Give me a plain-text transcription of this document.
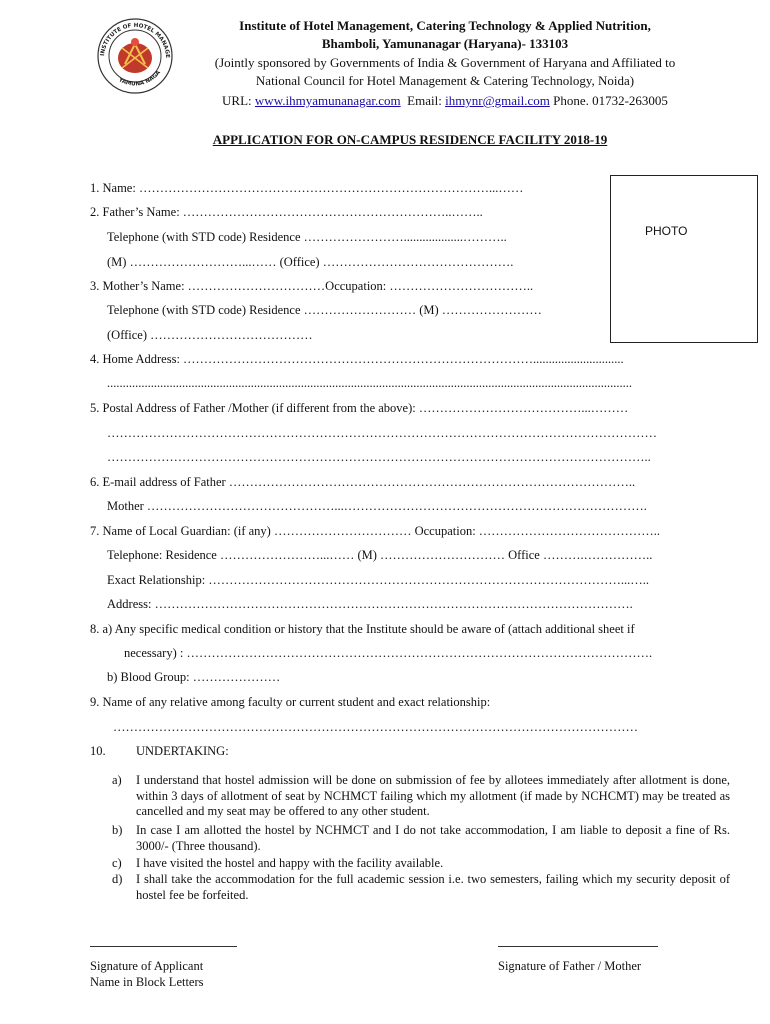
INSTITUTE OF HOTEL MANAGE
YAMUNA NAGA
Institute of Hotel Management, Catering Technology & Applied Nutrition,
Bhamboli, Yamunanagar (Haryana)- 133103
(Jointly sponsored by Governments of India & Government of Haryana and Affiliated to
National Council for Hotel Management & Catering Technology, Noida)
URL: www.ihmyamunanagar.com Email: ihmynr@gmail.com Phone. 01732-263005
APPLICATION FOR ON-CAMPUS RESIDENCE FACILITY 2018-19
PHOTO
1. Name: …………………………………………………………………………...……
2. Father’s Name: ………………………………………………………..……..
Telephone (with STD code) Residence ……………………...................………..
(M) ………………………...…… (Office) ……………………………………….
3. Mother’s Name: ……………………………Occupation: ……………………………..
Telephone (with STD code) Residence ……………………… (M) ……………………
(Office) …………………………………
4. Home Address: ………………………………………………………………………….............................
........................................................................................................................................................................
5. Postal Address of Father /Mother (if different from the above): …………………………………...………
……………………………………………………………………………………………………………………
…………………………………………………………………………………………………………………..
6. E-mail address of Father ……………………………………………………………………………………..
Mother ………………………………………...……………………………………………………………….
7. Name of Local Guardian: (if any) …………………………… Occupation: ……………………………………..
Telephone: Residence ……………………...…… (M) ………………………… Office ……….……………..
Exact Relationship: ………………………………………………………………………………………...…..
Address: …………………………………………………………………………………………………….
8. a) Any specific medical condition or history that the Institute should be aware of (attach additional sheet if
necessary) : ………………………………………………………………………………………………….
b) Blood Group: …………………
9. Name of any relative among faculty or current student and exact relationship:
………………………………………………………………………………………………………………
10. UNDERTAKING:
a) I understand that hostel admission will be done on submission of fee by allotees immediately after allotment is done, within 3 days of allotment of seat by NCHMCT failing which my allotment (if made by NCHCMT) may be treated as cancelled and my seat may be offered to any other student.
b) In case I am allotted the hostel by NCHMCT and I do not take accommodation, I am liable to deposit a fine of Rs. 3000/- (Three thousand).
c) I have visited the hostel and happy with the facility available.
d) I shall take the accommodation for the full academic session i.e. two semesters, failing which my security deposit of hostel fee be forfeited.
Signature of Applicant
Name in Block Letters
Signature of Father / Mother
